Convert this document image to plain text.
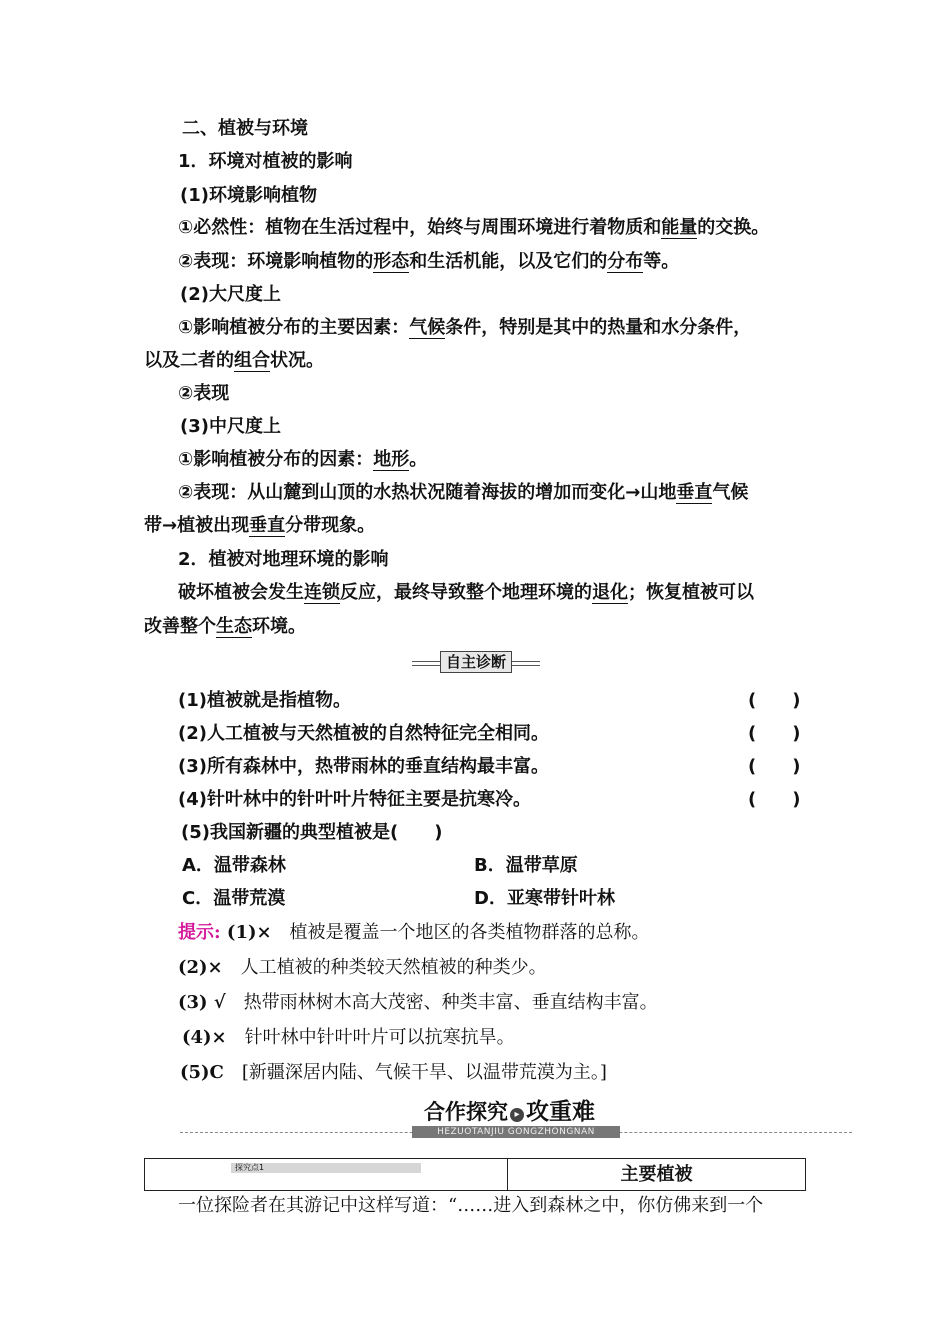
二、植被与环境
1．环境对植被的影响
(1)环境影响植物
①必然性：植物在生活过程中，始终与周围环境进行着物质和能量的交换。
②表现：环境影响植物的形态和生活机能，以及它们的分布等。
(2)大尺度上
①影响植被分布的主要因素：气候条件，特别是其中的热量和水分条件，
以及二者的组合状况。
②表现
(3)中尺度上
①影响植被分布的因素：地形。
②表现：从山麓到山顶的水热状况随着海拔的增加而变化→山地垂直气候
带→植被出现垂直分带现象。
2．植被对地理环境的影响
破坏植被会发生连锁反应，最终导致整个地理环境的退化；恢复植被可以
改善整个生态环境。
自主诊断
(1)植被就是指植物。	(　　)
(2)人工植被与天然植被的自然特征完全相同。	(　　)
(3)所有森林中，热带雨林的垂直结构最丰富。	(　　)
(4)针叶林中的针叶叶片特征主要是抗寒冷。	(　　)
(5)我国新疆的典型植被是(　　)
A．温带森林	B．温带草原
C．温带荒漠	D．亚寒带针叶林
提示: (1)×　植被是覆盖一个地区的各类植物群落的总称。
(2)×　人工植被的种类较天然植被的种类少。
(3) √　热带雨林树木高大茂密、种类丰富、垂直结构丰富。
(4)×　针叶林中针叶叶片可以抗寒抗旱。
(5)C　[新疆深居内陆、气候干旱、以温带荒漠为主。]
合作探究 ▸ 攻重难
HEZUOTANJIU GONGZHONGNAN
探究点1	主要植被
一位探险者在其游记中这样写道：“……进入到森林之中，你仿佛来到一个
